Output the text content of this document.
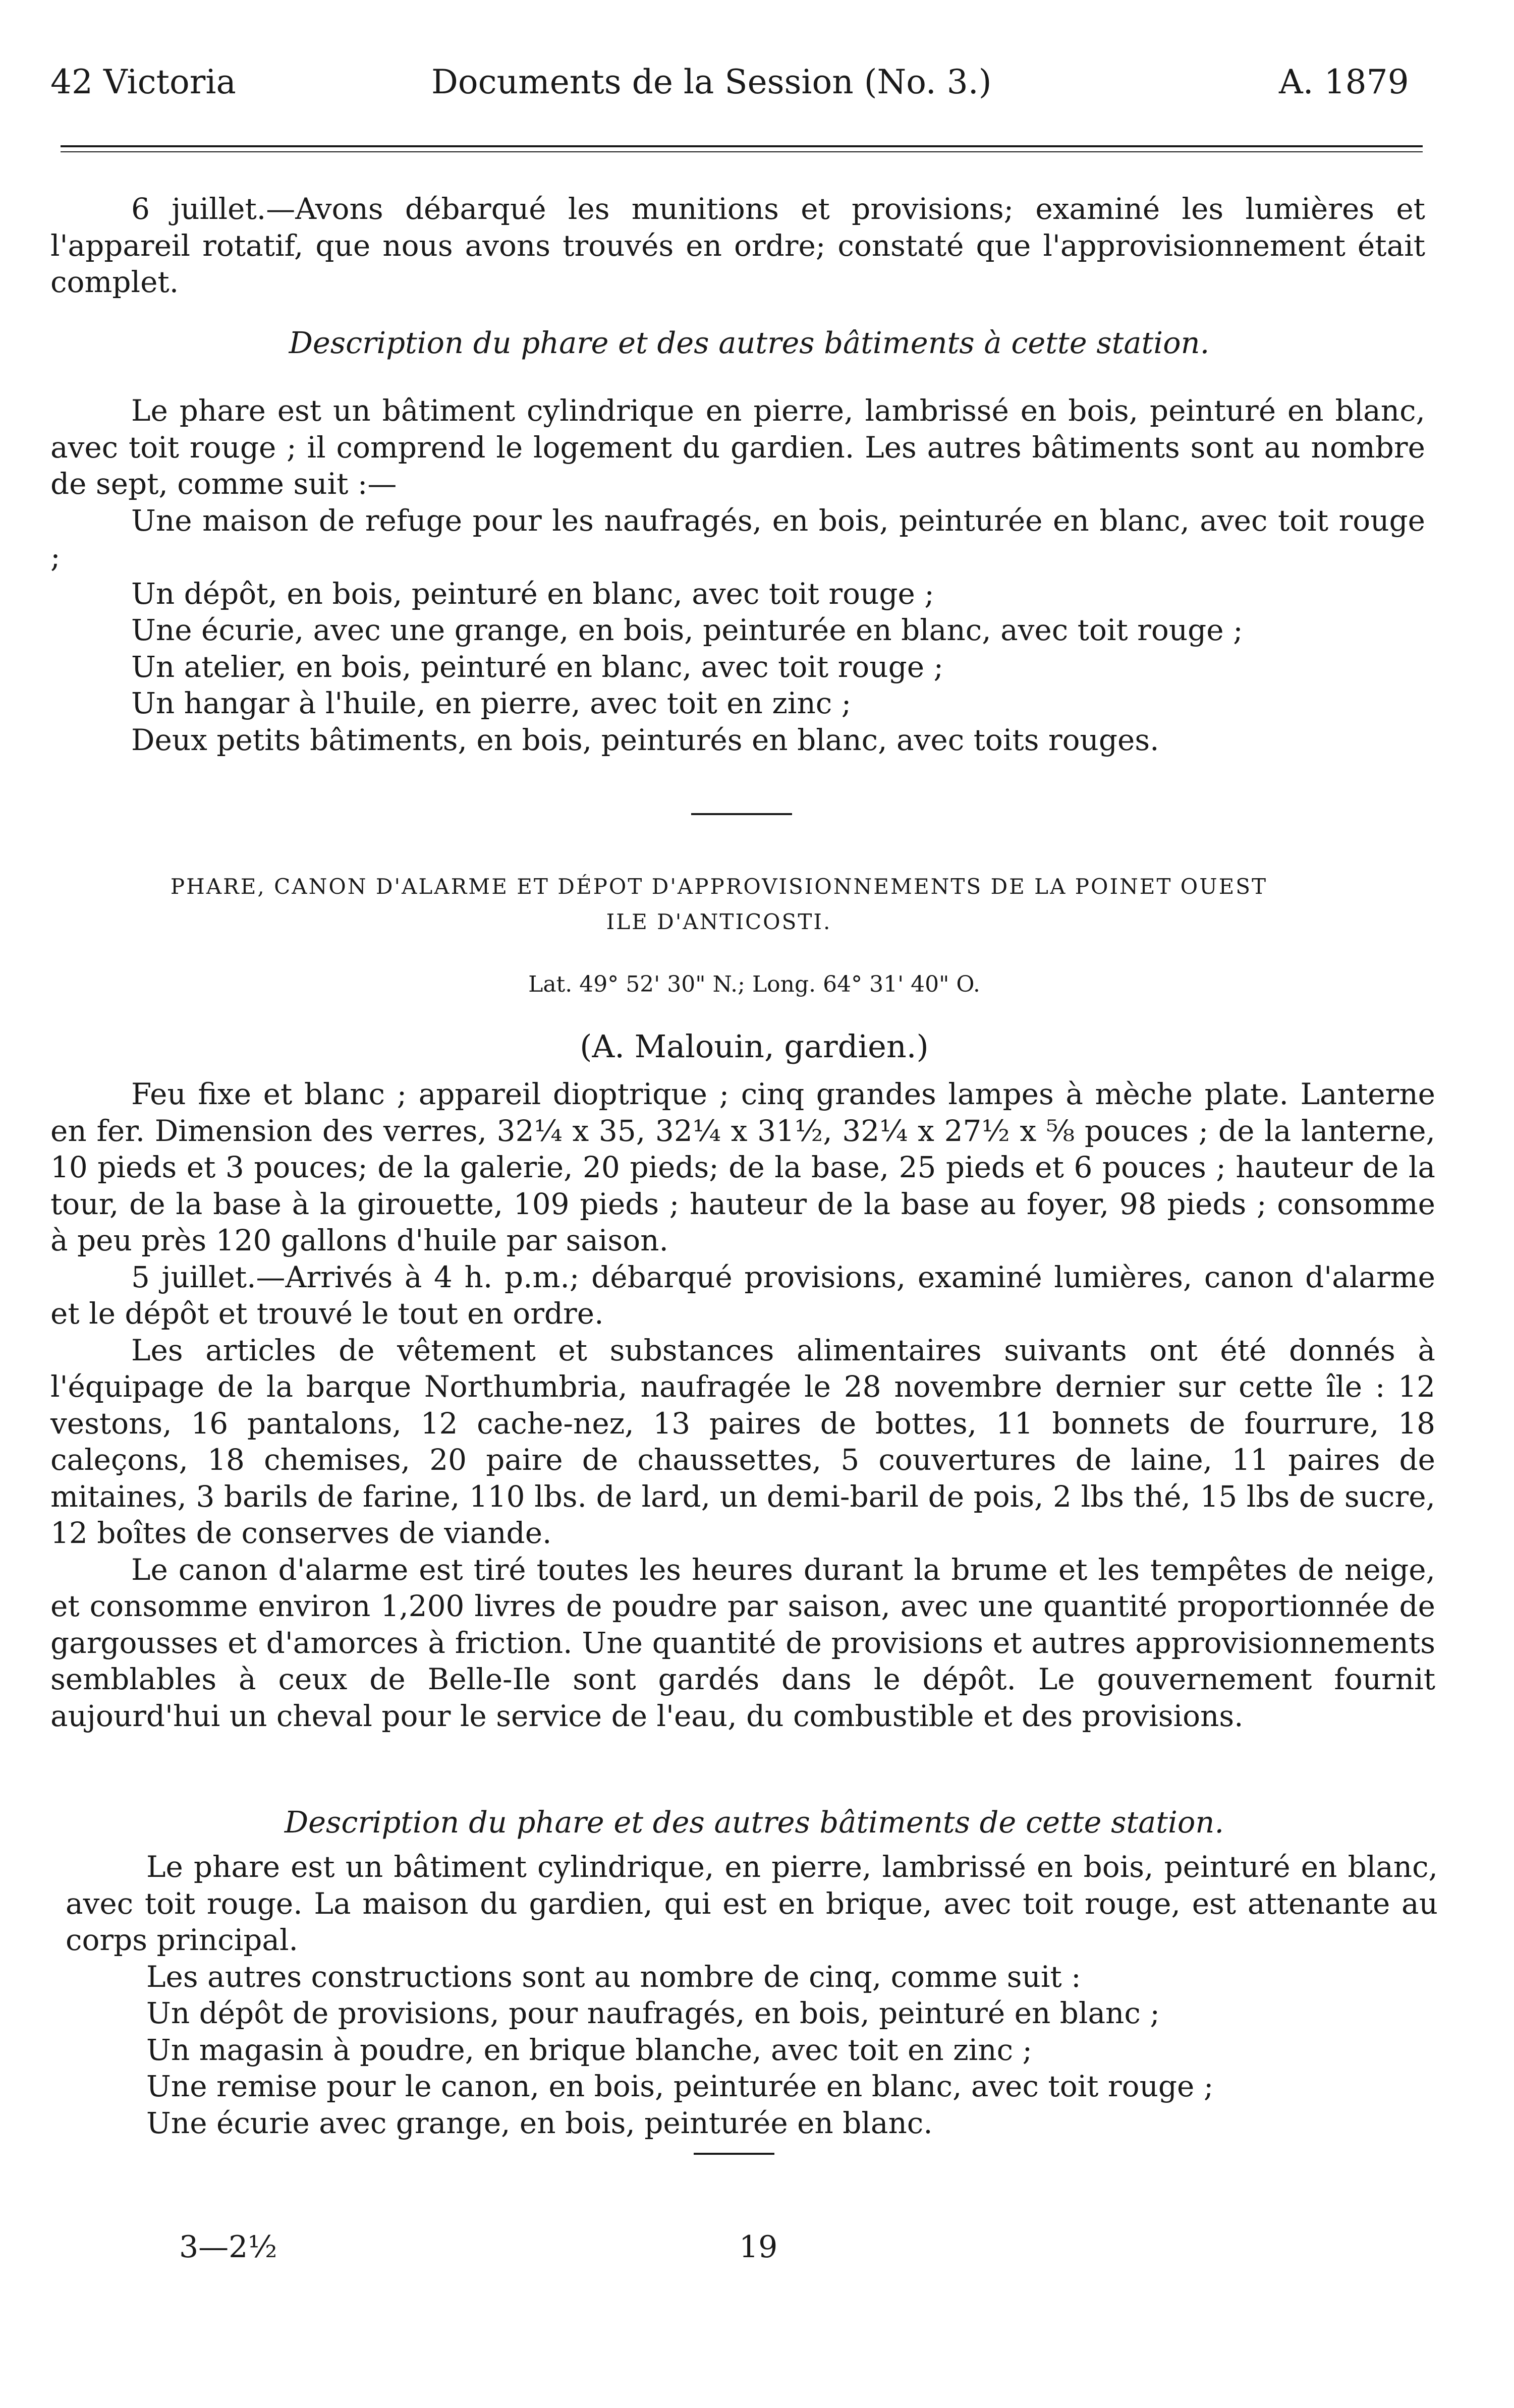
42 Victoria	Documents de la Session (No. 3.)	A. 1879

6 juillet.—Avons débarqué les munitions et provisions; examiné les lumières et l'appareil rotatif, que nous avons trouvés en ordre; constaté que l'approvisionnement était complet.

Description du phare et des autres bâtiments à cette station.

Le phare est un bâtiment cylindrique en pierre, lambrissé en bois, peinturé en blanc, avec toit rouge ; il comprend le logement du gardien. Les autres bâtiments sont au nombre de sept, comme suit :—

Une maison de refuge pour les naufragés, en bois, peinturée en blanc, avec toit rouge ;

Un dépôt, en bois, peinturé en blanc, avec toit rouge ;

Une écurie, avec une grange, en bois, peinturée en blanc, avec toit rouge ;

Un atelier, en bois, peinturé en blanc, avec toit rouge ;

Un hangar à l'huile, en pierre, avec toit en zinc ;

Deux petits bâtiments, en bois, peinturés en blanc, avec toits rouges.

PHARE, CANON D'ALARME ET DÉPOT D'APPROVISIONNEMENTS DE LA POINET OUEST
ILE D'ANTICOSTI.
Lat. 49° 52' 30" N.; Long. 64° 31' 40" O.
(A. Malouin, gardien.)

Feu fixe et blanc ; appareil dioptrique ; cinq grandes lampes à mèche plate. Lanterne en fer. Dimension des verres, 32¼ x 35, 32¼ x 31½, 32¼ x 27½ x ⅝ pouces ; de la lanterne, 10 pieds et 3 pouces; de la galerie, 20 pieds; de la base, 25 pieds et 6 pouces ; hauteur de la tour, de la base à la girouette, 109 pieds ; hauteur de la base au foyer, 98 pieds ; consomme à peu près 120 gallons d'huile par saison.

5 juillet.—Arrivés à 4 h. p.m.; débarqué provisions, examiné lumières, canon d'alarme et le dépôt et trouvé le tout en ordre.

Les articles de vêtement et substances alimentaires suivants ont été donnés à l'équipage de la barque Northumbria, naufragée le 28 novembre dernier sur cette île : 12 vestons, 16 pantalons, 12 cache-nez, 13 paires de bottes, 11 bonnets de fourrure, 18 caleçons, 18 chemises, 20 paire de chaussettes, 5 couvertures de laine, 11 paires de mitaines, 3 barils de farine, 110 lbs. de lard, un demi-baril de pois, 2 lbs thé, 15 lbs de sucre, 12 boîtes de conserves de viande.

Le canon d'alarme est tiré toutes les heures durant la brume et les tempêtes de neige, et consomme environ 1,200 livres de poudre par saison, avec une quantité proportionnée de gargousses et d'amorces à friction. Une quantité de provisions et autres approvisionnements semblables à ceux de Belle-Ile sont gardés dans le dépôt. Le gouvernement fournit aujourd'hui un cheval pour le service de l'eau, du combustible et des provisions.

Description du phare et des autres bâtiments de cette station.

Le phare est un bâtiment cylindrique, en pierre, lambrissé en bois, peinturé en blanc, avec toit rouge. La maison du gardien, qui est en brique, avec toit rouge, est attenante au corps principal.

Les autres constructions sont au nombre de cinq, comme suit :

Un dépôt de provisions, pour naufragés, en bois, peinturé en blanc ;

Un magasin à poudre, en brique blanche, avec toit en zinc ;

Une remise pour le canon, en bois, peinturée en blanc, avec toit rouge ;

Une écurie avec grange, en bois, peinturée en blanc.

3—2½	19
